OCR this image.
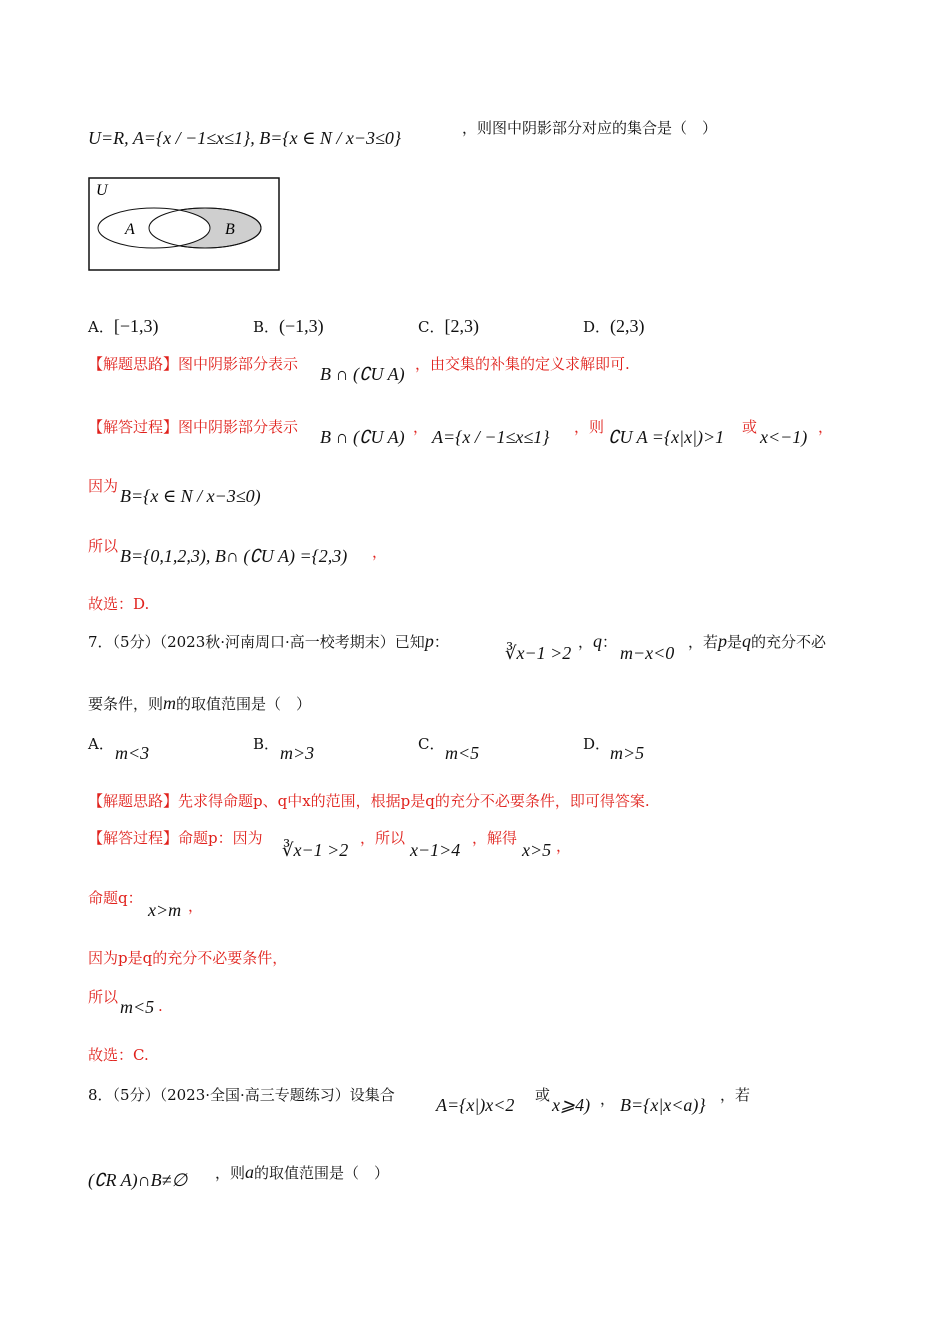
U=R, A={x / −1≤x≤1}, B={x ∈ N / x−3≤0}	，则图中阴影部分对应的集合是（　）
U
A	B
A．[−1,3)	B．(−1,3)	C．[2,3)	D．(2,3)
【解题思路】图中阴影部分表示 B ∩ (∁U A) ，由交集的补集的定义求解即可.
【解答过程】图中阴影部分表示 B ∩ (∁U A) ， A={x / −1≤x≤1} ，则 ∁U A ={x|x|)>1 或 x<−1) ，
因为 B={x ∈ N / x−3≤0)
所以 B={0,1,2,3), B∩ (∁U A) ={2,3) ，
故选：D.
7．（5分）（2023秋·河南周口·高一校考期末）已知p：
∛x−1 >2
，q：
m−x<0
，若p是q的充分不必
要条件，则m的取值范围是（　）
A． m<3	B． m>3	C． m<5	D． m>5
【解题思路】先求得命题p、q中x的范围，根据p是q的充分不必要条件，即可得答案.
【解答过程】命题p：因为
∛x−1 >2
，所以
x−1>4
，解得
x>5 ，
命题q：
x>m ，
因为p是q的充分不必要条件，
所以 m<5 .
故选：C.
8．（5分）（2023·全国·高三专题练习）设集合 A={x|)x<2 或 x⩾4) ， B={x|x<a)} ，若
(∁R A)∩B≠∅ ，则a的取值范围是（　）
